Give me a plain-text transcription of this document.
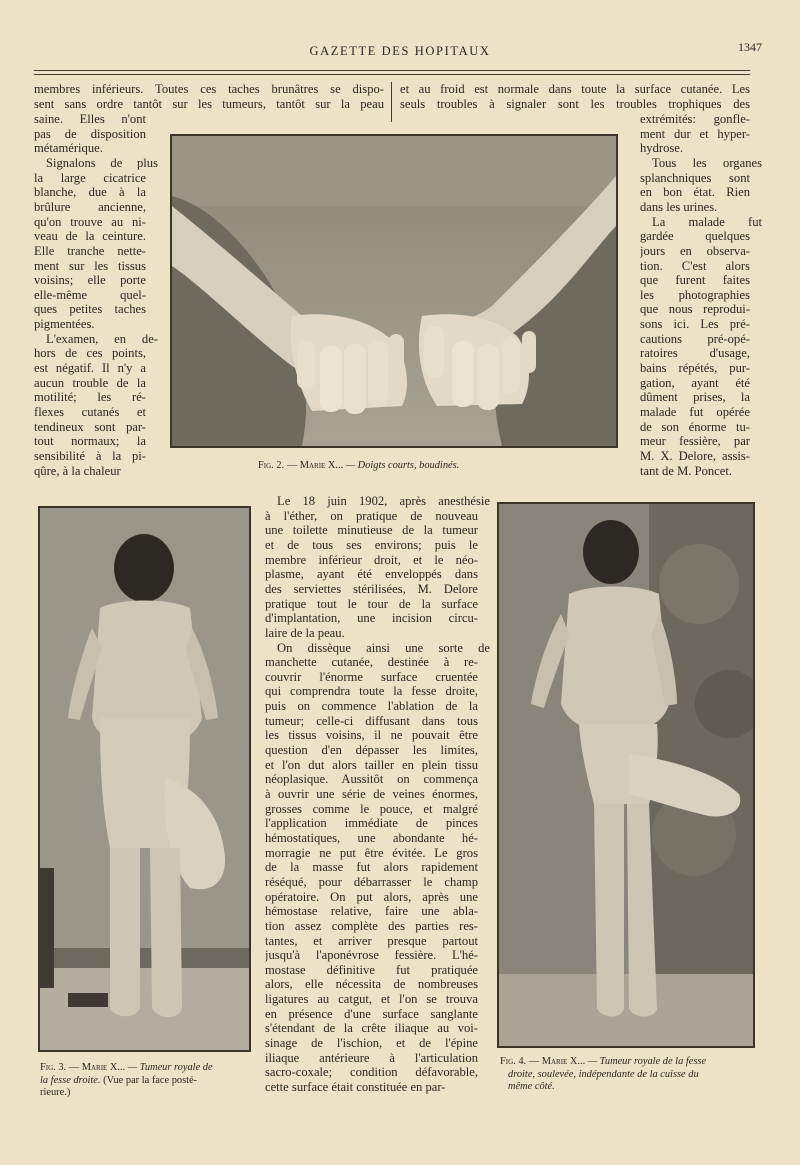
GAZETTE DES HOPITAUX	1347
membres inférieurs. Toutes ces taches brunâtres se dispo-
sent sans ordre tantôt sur les tumeurs, tantôt sur la peau
et au froid est normale dans toute la surface cutanée. Les
seuls troubles à signaler sont les troubles trophiques des
saine. Elles n'ont
pas de disposition
métamérique.
Signalons de plus
la large cicatrice
blanche, due à la
brûlure ancienne,
qu'on trouve au ni-
veau de la ceinture.
Elle tranche nette-
ment sur les tissus
voisins; elle porte
elle-même quel-
ques petites taches
pigmentées.
L'examen, en de-
hors de ces points,
est négatif. Il n'y a
aucun trouble de la
motilité; les ré-
flexes cutanés et
tendineux sont par-
tout normaux; la
sensibilité à la pi-
qûre, à la chaleur
extrémités: gonfle-
ment dur et hyper-
hydrose.
Tous les organes
splanchniques sont
en bon état. Rien
dans les urines.
La malade fut
gardée quelques
jours en observa-
tion. C'est alors
que furent faites
les photographies
que nous reprodui-
sons ici. Les pré-
cautions pré-opé-
ratoires d'usage,
bains répétés, pur-
gation, ayant été
dûment prises, la
malade fut opérée
de son énorme tu-
meur fessière, par
M. X. Delore, assis-
tant de M. Poncet.
Le 18 juin 1902, après anesthésie
à l'éther, on pratique de nouveau
une toilette minutieuse de la tumeur
et de tous ses environs; puis le
membre inférieur droit, et le néo-
plasme, ayant été enveloppés dans
des serviettes stérilisées, M. Delore
pratique tout le tour de la surface
d'implantation, une incision circu-
laire de la peau.
On dissèque ainsi une sorte de
manchette cutanée, destinée à re-
couvrir l'énorme surface cruentée
qui comprendra toute la fesse droite,
puis on commence l'ablation de la
tumeur; celle-ci diffusant dans tous
les tissus voisins, il ne pouvait être
question d'en dépasser les limites,
et l'on dut alors tailler en plein tissu
néoplasique. Aussitôt on commença
à ouvrir une série de veines énormes,
grosses comme le pouce, et malgré
l'application immédiate de pinces
hémostatiques, une abondante hé-
morragie ne put être évitée. Le gros
de la masse fut alors rapidement
réséqué, pour débarrasser le champ
opératoire. On put alors, après une
hémostase relative, faire une abla-
tion assez complète des parties res-
tantes, et arriver presque partout
jusqu'à l'aponévrose fessière. L'hé-
mostase définitive fut pratiquée
alors, elle nécessita de nombreuses
ligatures au catgut, et l'on se trouva
en présence d'une surface sanglante
s'étendant de la crête iliaque au voi-
sinage de l'ischion, et de l'épine
iliaque antérieure à l'articulation
sacro-coxale; condition défavorable,
cette surface était constituée en par-
Fig. 2. — Marie X... — Doigts courts, boudinés.
Fig. 3. — Marie X... — Tumeur royale de
la fesse droite. (Vue par la face posté-
rieure.)
Fig. 4. — Marie X... — Tumeur royale de la fesse
droite, soulevée, indépendante de la cuisse du
même côté.
